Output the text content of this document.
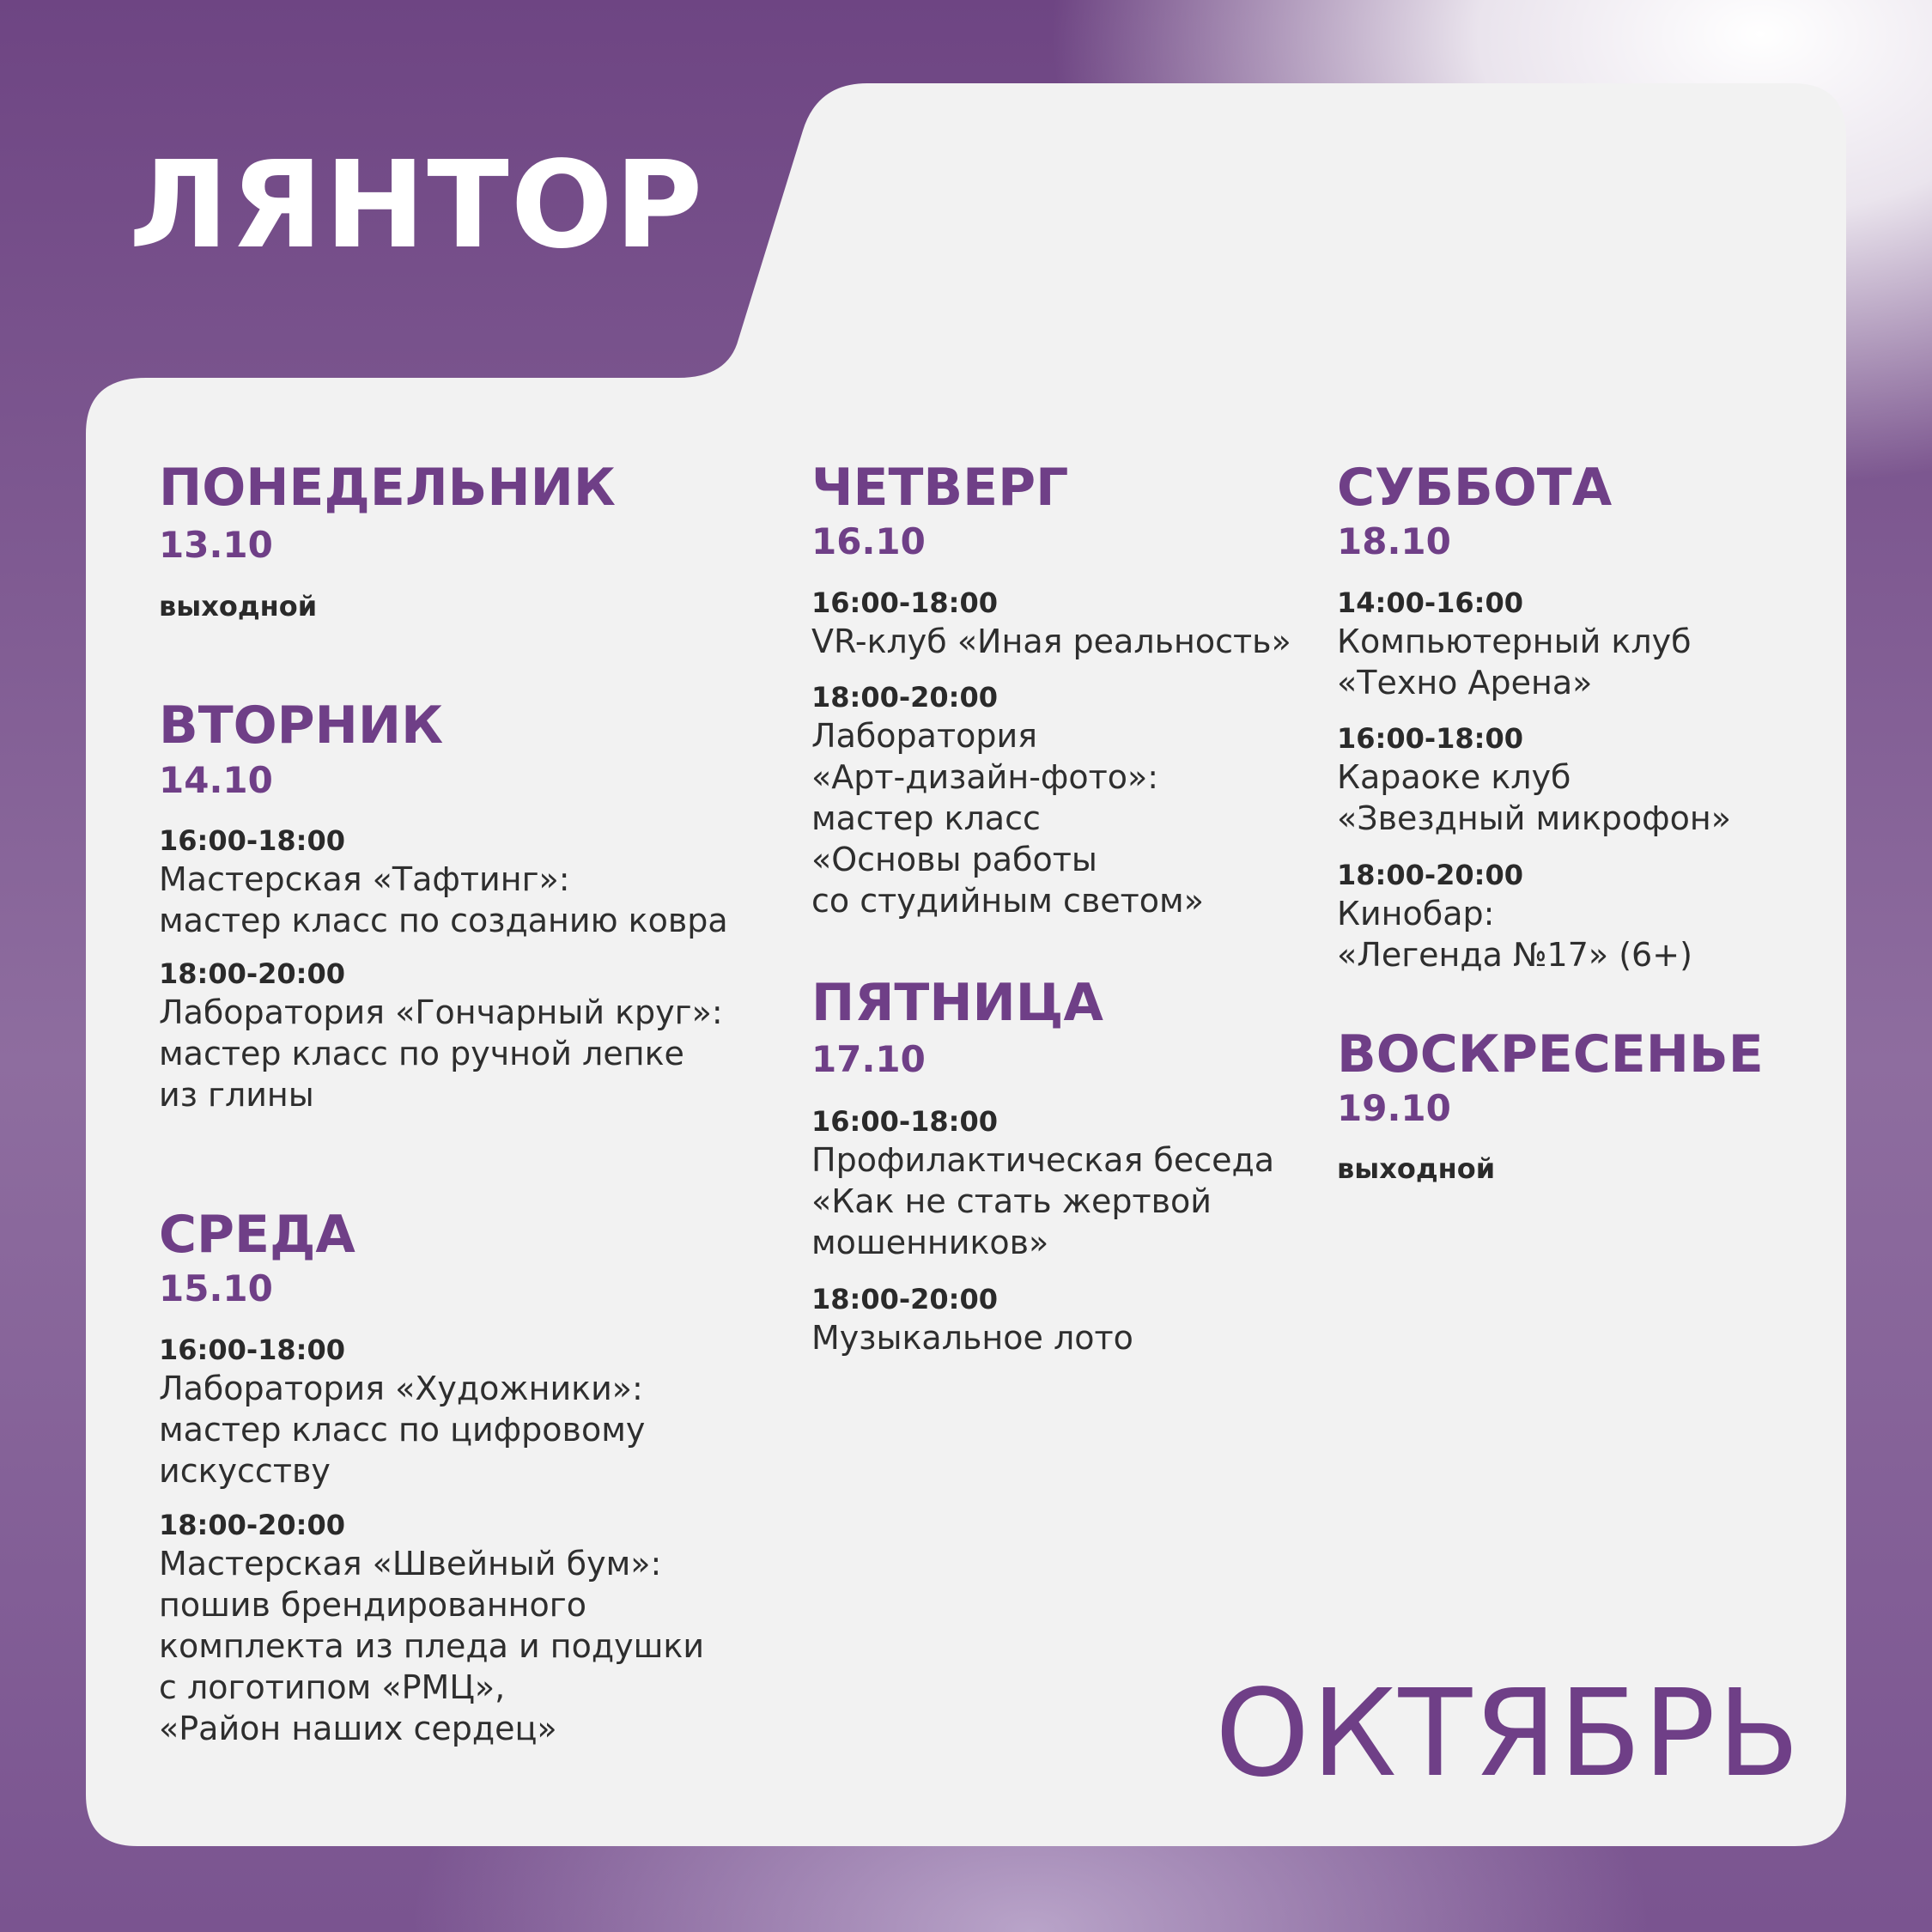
ЛЯНТОР
ПОНЕДЕЛЬНИК
13.10
выходной
ВТОРНИК
14.10
16:00-18:00
Мастерская «Тафтинг»:
мастер класс по созданию ковра
18:00-20:00
Лаборатория «Гончарный круг»:
мастер класс по ручной лепке
из глины
СРЕДА
15.10
16:00-18:00
Лаборатория «Художники»:
мастер класс по цифровому
искусству
18:00-20:00
Мастерская «Швейный бум»:
пошив брендированного
комплекта из пледа и подушки
с логотипом «РМЦ»,
«Район наших сердец»
ЧЕТВЕРГ
16.10
16:00-18:00
VR-клуб «Иная реальность»
18:00-20:00
Лаборатория
«Арт-дизайн-фото»:
мастер класс
«Основы работы
со студийным светом»
ПЯТНИЦА
17.10
16:00-18:00
Профилактическая беседа
«Как не стать жертвой
мошенников»
18:00-20:00
Музыкальное лото
СУББОТА
18.10
14:00-16:00
Компьютерный клуб
«Техно Арена»
16:00-18:00
Караоке клуб
«Звездный микрофон»
18:00-20:00
Кинобар:
«Легенда №17» (6+)
ВОСКРЕСЕНЬЕ
19.10
выходной
ОКТЯБРЬ
